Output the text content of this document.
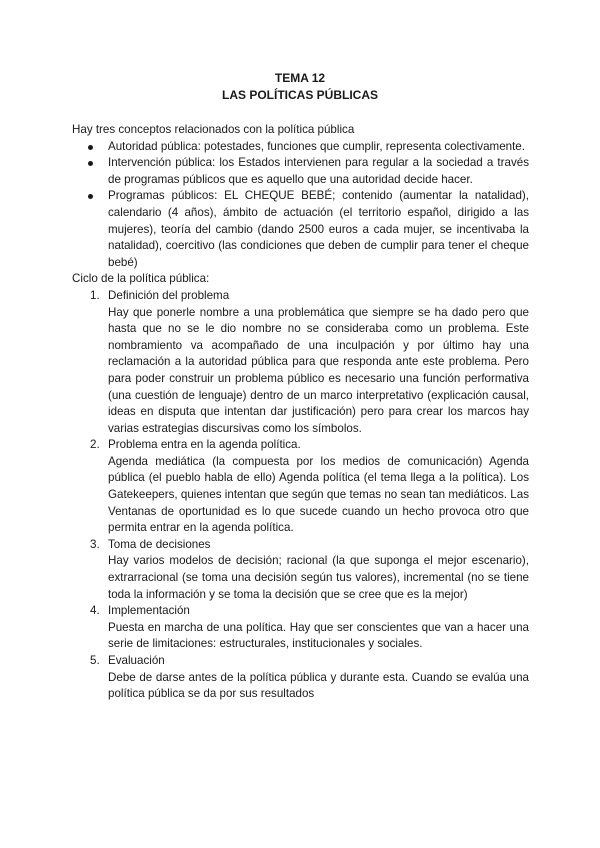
TEMA 12
LAS POLÍTICAS PÚBLICAS

Hay tres conceptos relacionados con la política pública

Autoridad pública: potestades, funciones que cumplir, representa colectivamente.

Intervención pública: los Estados intervienen para regular a la sociedad a través de programas públicos que es aquello que una autoridad decide hacer.

Programas públicos: EL CHEQUE BEBÉ; contenido (aumentar la natalidad), calendario (4 años), ámbito de actuación (el territorio español, dirigido a las mujeres), teoría del cambio (dando 2500 euros a cada mujer, se incentivaba la natalidad), coercitivo (las condiciones que deben de cumplir para tener el cheque bebé)

Ciclo de la política pública:

1. Definición del problema

Hay que ponerle nombre a una problemática que siempre se ha dado pero que hasta que no se le dio nombre no se consideraba como un problema. Este nombramiento va acompañado de una inculpación y por último hay una reclamación a la autoridad pública para que responda ante este problema. Pero para poder construir un problema público es necesario una función performativa (una cuestión de lenguaje) dentro de un marco interpretativo (explicación causal, ideas en disputa que intentan dar justificación) pero para crear los marcos hay varias estrategias discursivas como los símbolos.

2. Problema entra en la agenda política.

Agenda mediática (la compuesta por los medios de comunicación) Agenda pública (el pueblo habla de ello) Agenda política (el tema llega a la política). Los Gatekeepers, quienes intentan que según que temas no sean tan mediáticos. Las Ventanas de oportunidad es lo que sucede cuando un hecho provoca otro que permita entrar en la agenda política.

3. Toma de decisiones

Hay varios modelos de decisión; racional (la que suponga el mejor escenario), extrarracional (se toma una decisión según tus valores), incremental (no se tiene toda la información y se toma la decisión que se cree que es la mejor)

4. Implementación

Puesta en marcha de una política. Hay que ser conscientes que van a hacer una serie de limitaciones: estructurales, institucionales y sociales.

5. Evaluación

Debe de darse antes de la política pública y durante esta. Cuando se evalúa una política pública se da por sus resultados
